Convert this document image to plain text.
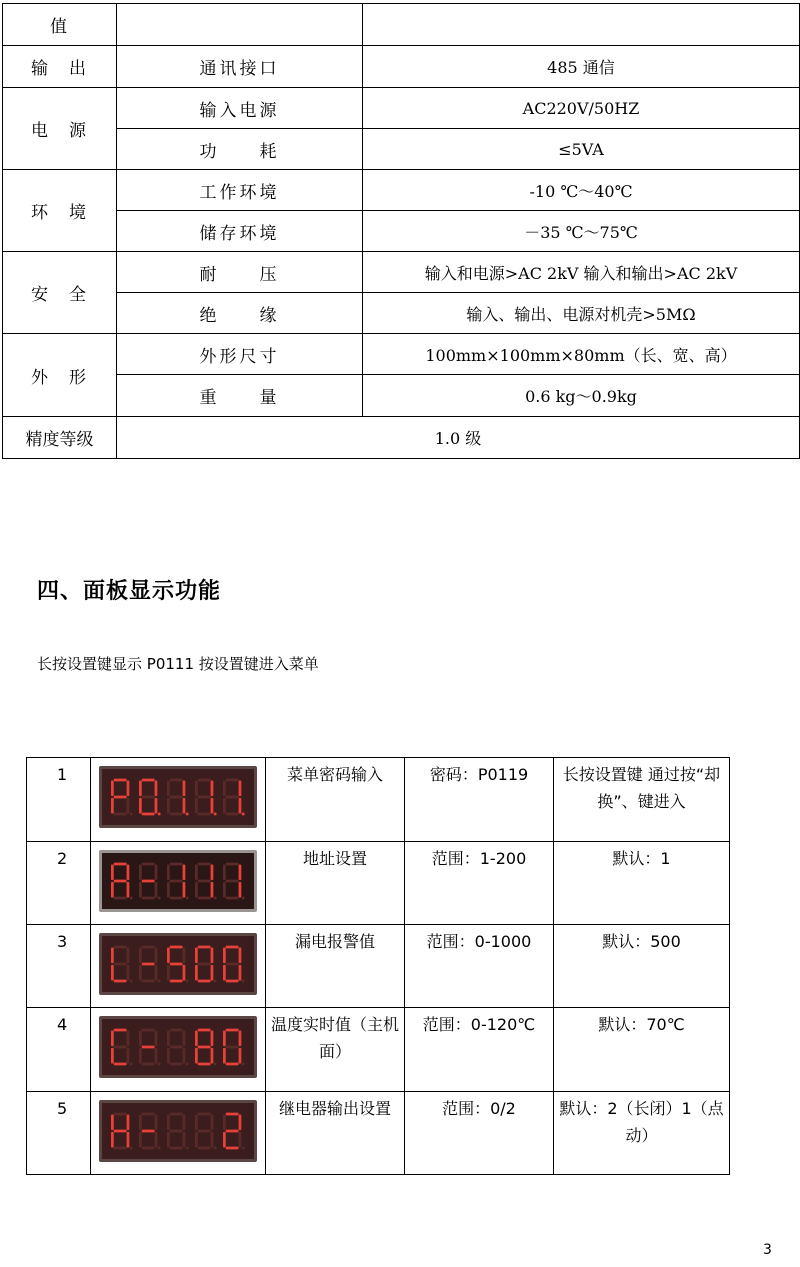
值		
输　出	通讯接口	485 通信
电　源	输入电源	AC220V/50HZ
	功　　耗	≤5VA
环　境	工作环境	-10 ℃～40℃
	储存环境	－35 ℃～75℃
安　全	耐　　压	输入和电源>AC 2kV 输入和输出>AC 2kV
	绝　　缘	输入、输出、电源对机壳>5MΩ
外　形	外形尺寸	100mm×100mm×80mm（长、宽、高）
	重　　量	0.6 kg～0.9kg
精度等级	1.0 级	
四、面板显示功能
长按设置键显示 P0111 按设置键进入菜单
1		菜单密码输入	密码：P0119	长按设置键 通过按“却换”、键进入
2		地址设置	范围：1-200	默认：1
3		漏电报警值	范围：0-1000	默认：500
4		温度实时值（主机面）	范围：0-120℃	默认：70℃
5		继电器输出设置	范围：0/2	默认：2（长闭）1（点动）
3
